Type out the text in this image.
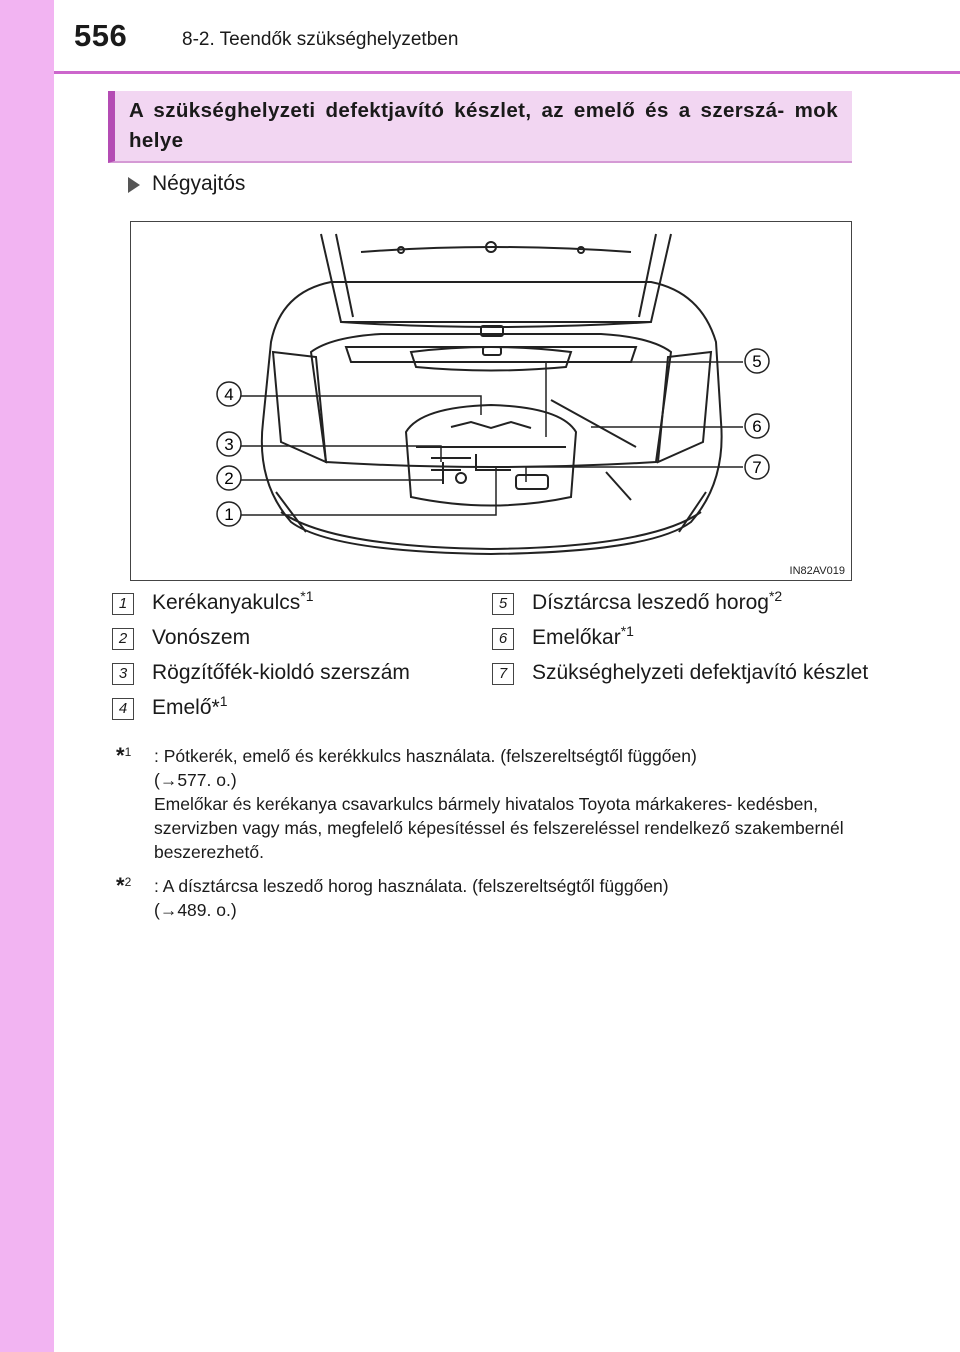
556	8-2. Teendők szükséghelyzetben
A szükséghelyzeti defektjavító készlet, az emelő és a szerszá- mok helye
Négyajtós
4
3
2
1
5
6
7
IN82AV019
1	Kerékanyakulcs$^{*1}$
2	Vonószem
3	Rögzítőfék-kioldó szerszám
4	Emelő*$^1$
5	Dísztárcsa leszedő horog$^{*2}$
6	Emelőkar$^{*1}$
7	Szükséghelyzeti defektjavító készlet
*$^1$ : Pótkerék, emelő és kerékkulcs használata. (felszereltségtől függően)
(→577. o.)
Emelőkar és kerékanya csavarkulcs bármely hivatalos Toyota márkakeres- kedésben, szervizben vagy más, megfelelő képesítéssel és felszereléssel rendelkező szakembernél beszerezhető.
*$^2$ : A dísztárcsa leszedő horog használata. (felszereltségtől függően)
(→489. o.)
